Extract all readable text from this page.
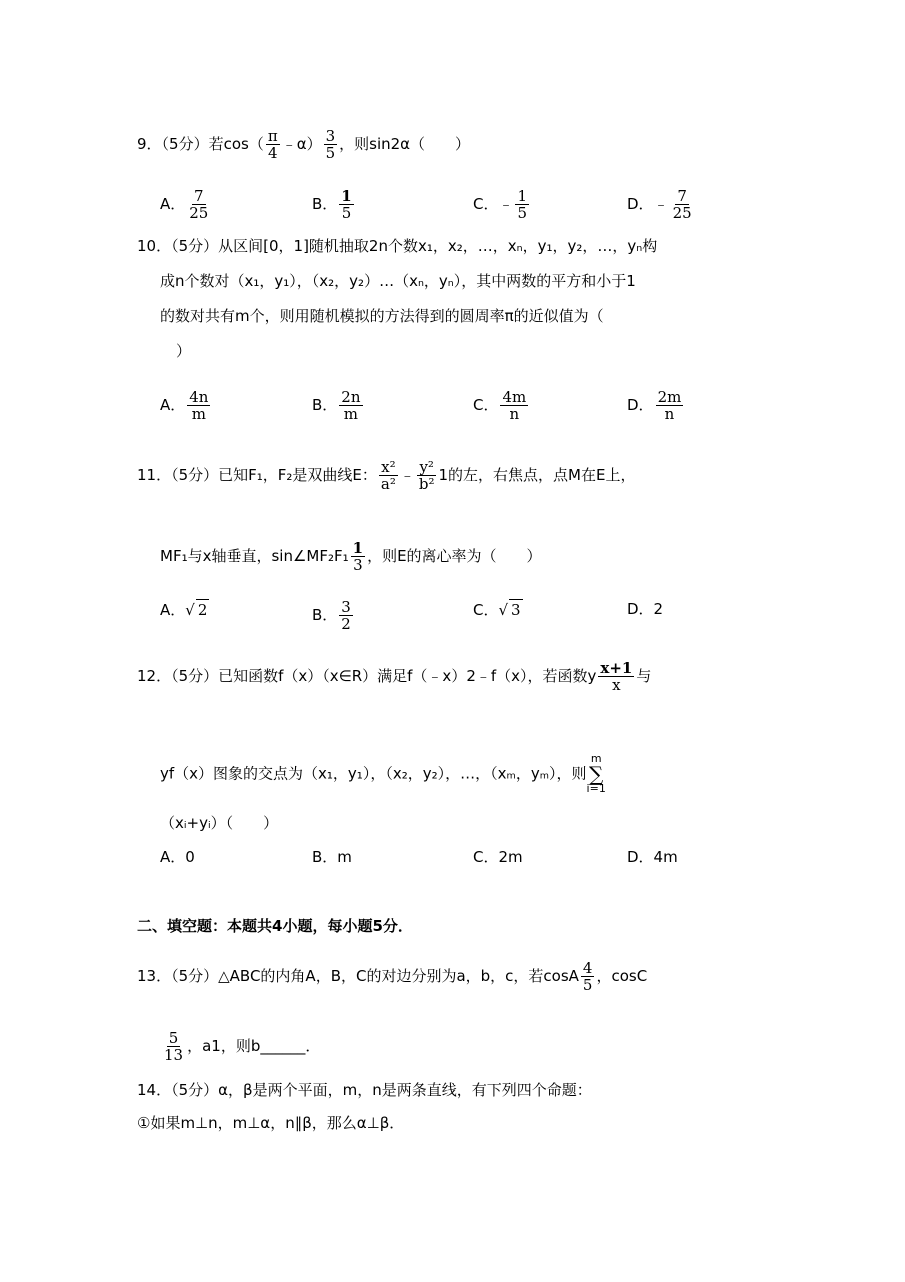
9．（5分）若$\cos( \frac{\pi}{4}$ ﹣α） $\frac{3}{5}$ ，则sin2α（　　）
A． $\frac{7}{25}$	B． $\frac{1}{5}$	C．﹣ $\frac{1}{5}$	D．﹣ $\frac{7}{25}$
10．（5分）从区间[0，1]随机抽取2n个数x₁，x₂，…，xₙ，y₁，y₂，…，yₙ构
成n个数对（x₁，y₁），（x₂，y₂）…（xₙ，yₙ），其中两数的平方和小于1
的数对共有m个，则用随机模拟的方法得到的圆周率π的近似值为（
）
A． $\frac{4n}{m}$	B． $\frac{2n}{m}$	C． $\frac{4m}{n}$	D． $\frac{2m}{n}$
11．（5分）已知F₁，F₂是双曲线E： $\frac{\text{x²}}{\text{a²}}$ ﹣ $\frac{\text{y²}}{\text{b²}} 1$的左，右焦点，点M在E上，
MF₁与x轴垂直，sin∠MF₂F₁ $\frac{1}{3}$ ，则E的离心率为（　　）
A．√ 2	B． $\frac{3}{2}$	C．√ 3	D．2
12．（5分）已知函数f（x）（x∈R）满足f（﹣x）2﹣f（x），若函数y $\frac{x+1}{x}$ 与
yf（x）图象的交点为（x₁，y₁），（x₂，y₂），…，（xₘ，yₘ），则
m
∑
i=1
（xᵢ+yᵢ）（　　）
A．0	B．m	C．2m	D．4m
二、填空题：本题共4小题，每小题5分．
13．（5分）△ABC的内角A，B，C的对边分别为a，b，c，若cosA $\frac{4}{5}$ ，cosC
$\frac{5}{13}$ ，a1，则b______．
14．（5分）α，β是两个平面，m，n是两条直线，有下列四个命题：
①如果m⊥n，m⊥α，n∥β，那么α⊥β．
